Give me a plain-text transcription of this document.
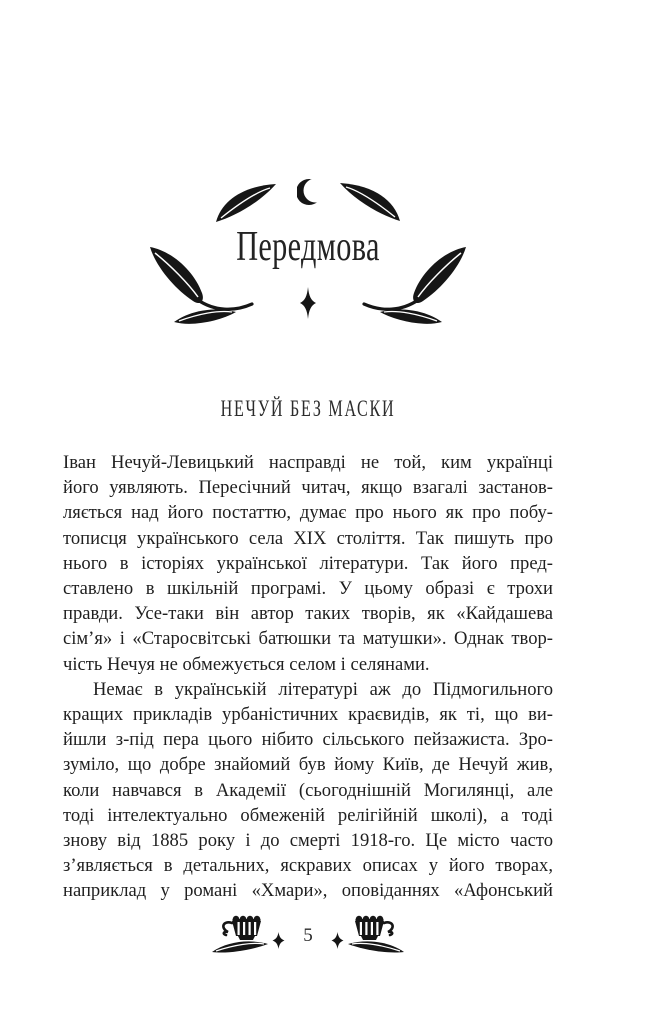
Передмова
НЕЧУЙ БЕЗ МАСКИ
Іван Нечуй-Левицький насправді не той, ким українці
його уявляють. Пересічний читач, якщо взагалі застанов-
ляється над його постаттю, думає про нього як про побу-
тописця українського села XIX століття. Так пишуть про
нього в історіях української літератури. Так його пред-
ставлено в шкільній програмі. У цьому образі є трохи
правди. Усе-таки він автор таких творів, як «Кайдашева
сім’я» і «Старосвітські батюшки та матушки». Однак твор-
чість Нечуя не обмежується селом і селянами.
Немає в українській літературі аж до Підмогильного
кращих прикладів урбаністичних краєвидів, як ті, що ви-
йшли з-під пера цього нібито сільського пейзажиста. Зро-
зуміло, що добре знайомий був йому Київ, де Нечуй жив,
коли навчався в Академії (сьогоднішній Могилянці, але
тоді інтелектуально обмеженій релігійній школі), а тоді
знову від 1885 року і до смерті 1918-го. Це місто часто
з’являється в детальних, яскравих описах у його творах,
наприклад у романі «Хмари», оповіданнях «Афонський
5
